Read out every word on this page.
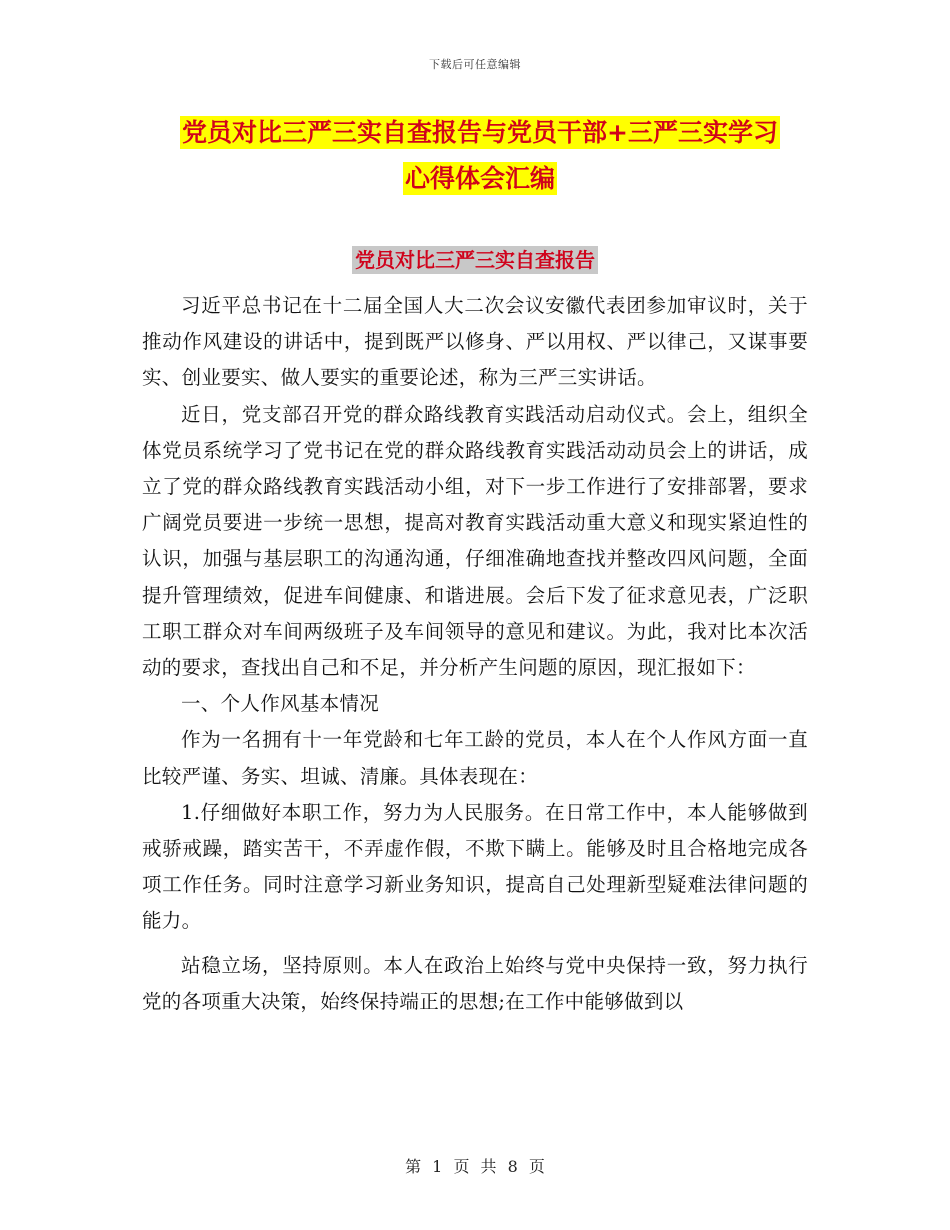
下载后可任意编辑
党员对比三严三实自查报告与党员干部+三严三实学习
心得体会汇编
党员对比三严三实自查报告

习近平总书记在十二届全国人大二次会议安徽代表团参加审议时，关于推动作风建设的讲话中，提到既严以修身、严以用权、严以律己，又谋事要实、创业要实、做人要实的重要论述，称为三严三实讲话。

近日，党支部召开党的群众路线教育实践活动启动仪式。会上，组织全体党员系统学习了党书记在党的群众路线教育实践活动动员会上的讲话，成立了党的群众路线教育实践活动小组，对下一步工作进行了安排部署，要求广阔党员要进一步统一思想，提高对教育实践活动重大意义和现实紧迫性的认识，加强与基层职工的沟通沟通，仔细准确地查找并整改四风问题，全面提升管理绩效，促进车间健康、和谐进展。会后下发了征求意见表，广泛职工职工群众对车间两级班子及车间领导的意见和建议。为此，我对比本次活动的要求，查找出自己和不足，并分析产生问题的原因，现汇报如下：

一、个人作风基本情况

作为一名拥有十一年党龄和七年工龄的党员，本人在个人作风方面一直比较严谨、务实、坦诚、清廉。具体表现在：

1.仔细做好本职工作，努力为人民服务。在日常工作中，本人能够做到戒骄戒躁，踏实苦干，不弄虚作假，不欺下瞒上。能够及时且合格地完成各项工作任务。同时注意学习新业务知识，提高自己处理新型疑难法律问题的能力。

站稳立场，坚持原则。本人在政治上始终与党中央保持一致，努力执行党的各项重大决策，始终保持端正的思想;在工作中能够做到以

第 1 页 共 8 页
